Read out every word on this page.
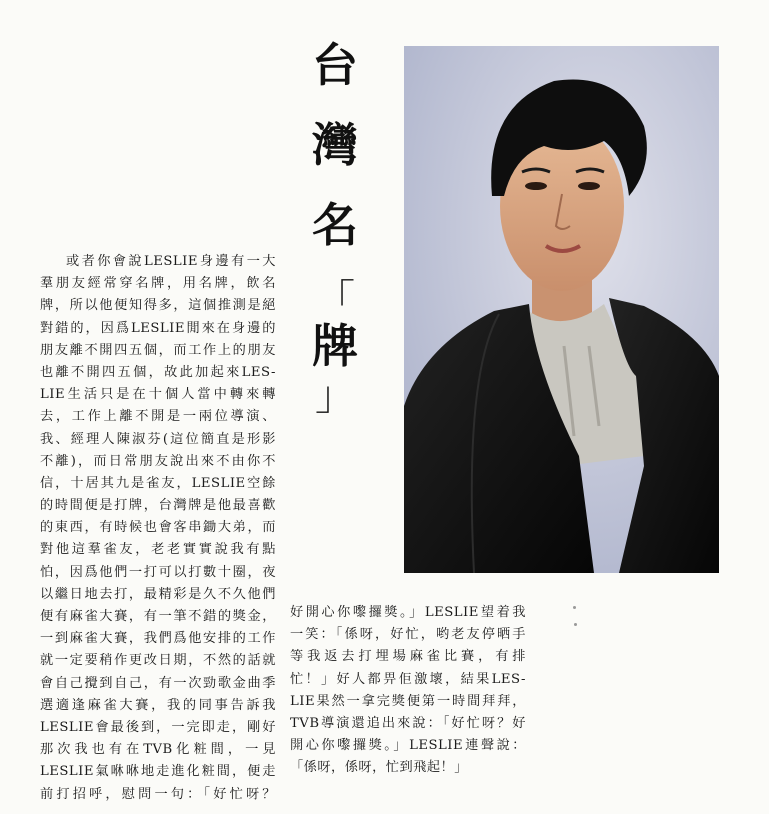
台
灣
名
「
牌
」
或者你會說LESLIE身邊有一大
羣朋友經常穿名牌，用名牌，飲名
牌，所以他便知得多，這個推測是絕
對錯的，因爲LESLIE閒來在身邊的
朋友離不開四五個，而工作上的朋友
也離不開四五個，故此加起來LES-
LIE生活只是在十個人當中轉來轉
去，工作上離不開是一兩位導演、
我、經理人陳淑芬(這位簡直是形影
不離)，而日常朋友說出來不由你不
信，十居其九是雀友，LESLIE空餘
的時間便是打牌，台灣牌是他最喜歡
的東西，有時候也會客串鋤大弟，而
對他這羣雀友，老老實實說我有點
怕，因爲他們一打可以打數十圈，夜
以繼日地去打，最精彩是久不久他們
便有麻雀大賽，有一筆不錯的獎金，
一到麻雀大賽，我們爲他安排的工作
就一定要稍作更改日期，不然的話就
會自己攪到自己，有一次勁歌金曲季
選適逢麻雀大賽，我的同事告訴我
LESLIE會最後到，一完即走，剛好
那次我也有在TVB化粧間，一見
LESLIE氣咻咻地走進化粧間，便走
前打招呼，慰問一句：「好忙呀？
好開心你嚟攞獎。」LESLIE望着我
一笑：「係呀，好忙，哟老友停晒手
等我返去打埋場麻雀比賽，有排
忙！」好人都畀佢激壞，結果LES-
LIE果然一拿完獎便第一時間拜拜，
TVB導演還追出來說：「好忙呀？好
開心你嚟攞獎。」LESLIE連聲說：
「係呀，係呀，忙到飛起！」
